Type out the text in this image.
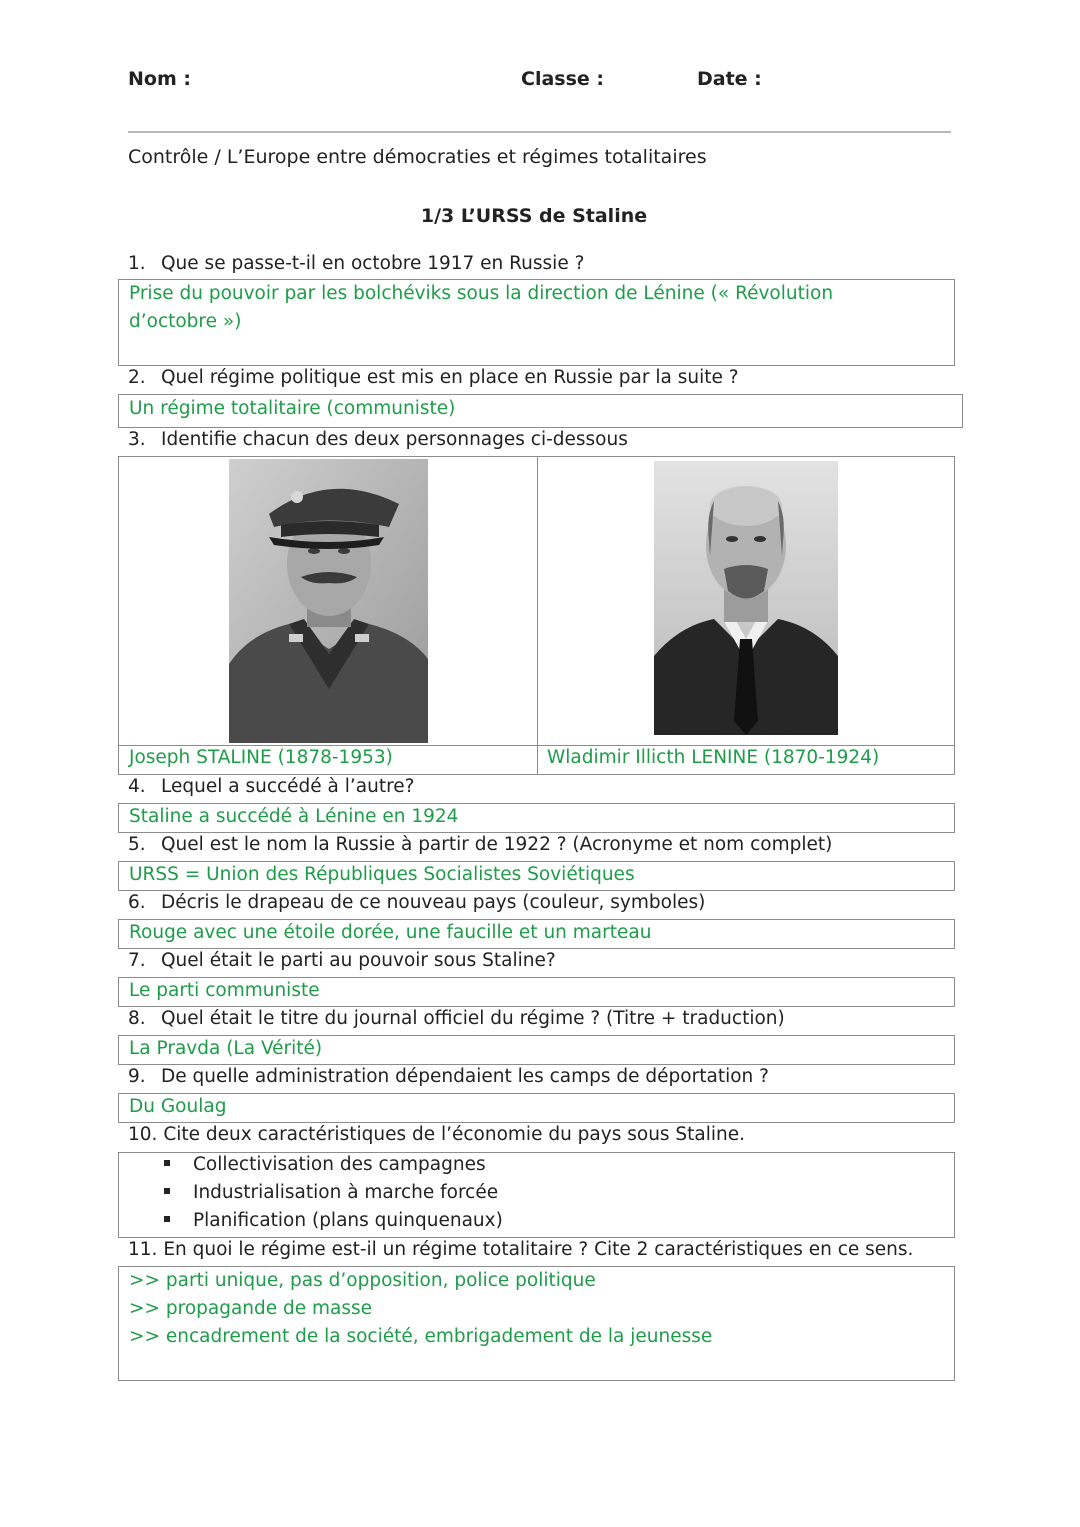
Nom :	Classe :	Date :
Contrôle / L’Europe entre démocraties et régimes totalitaires
1/3 L’URSS de Staline
1. Que se passe-t-il en octobre 1917 en Russie ?
Prise du pouvoir par les bolchéviks sous la direction de Lénine (« Révolution
d’octobre »)
2. Quel régime politique est mis en place en Russie par la suite ?
Un régime totalitaire (communiste)
3. Identifie chacun des deux personnages ci-dessous
Joseph STALINE (1878-1953)	Wladimir Illicth LENINE (1870-1924)
4. Lequel a succédé à l’autre?
Staline a succédé à Lénine en 1924
5. Quel est le nom la Russie à partir de 1922 ? (Acronyme et nom complet)
URSS = Union des Républiques Socialistes Soviétiques
6. Décris le drapeau de ce nouveau pays (couleur, symboles)
Rouge avec une étoile dorée, une faucille et un marteau
7. Quel était le parti au pouvoir sous Staline?
Le parti communiste
8. Quel était le titre du journal officiel du régime ? (Titre + traduction)
La Pravda (La Vérité)
9. De quelle administration dépendaient les camps de déportation ?
Du Goulag
10. Cite deux caractéristiques de l’économie du pays sous Staline.
Collectivisation des campagnes
Industrialisation à marche forcée
Planification (plans quinquenaux)
11. En quoi le régime est-il un régime totalitaire ? Cite 2 caractéristiques en ce sens.
>> parti unique, pas d’opposition, police politique
>> propagande de masse
>> encadrement de la société, embrigadement de la jeunesse
